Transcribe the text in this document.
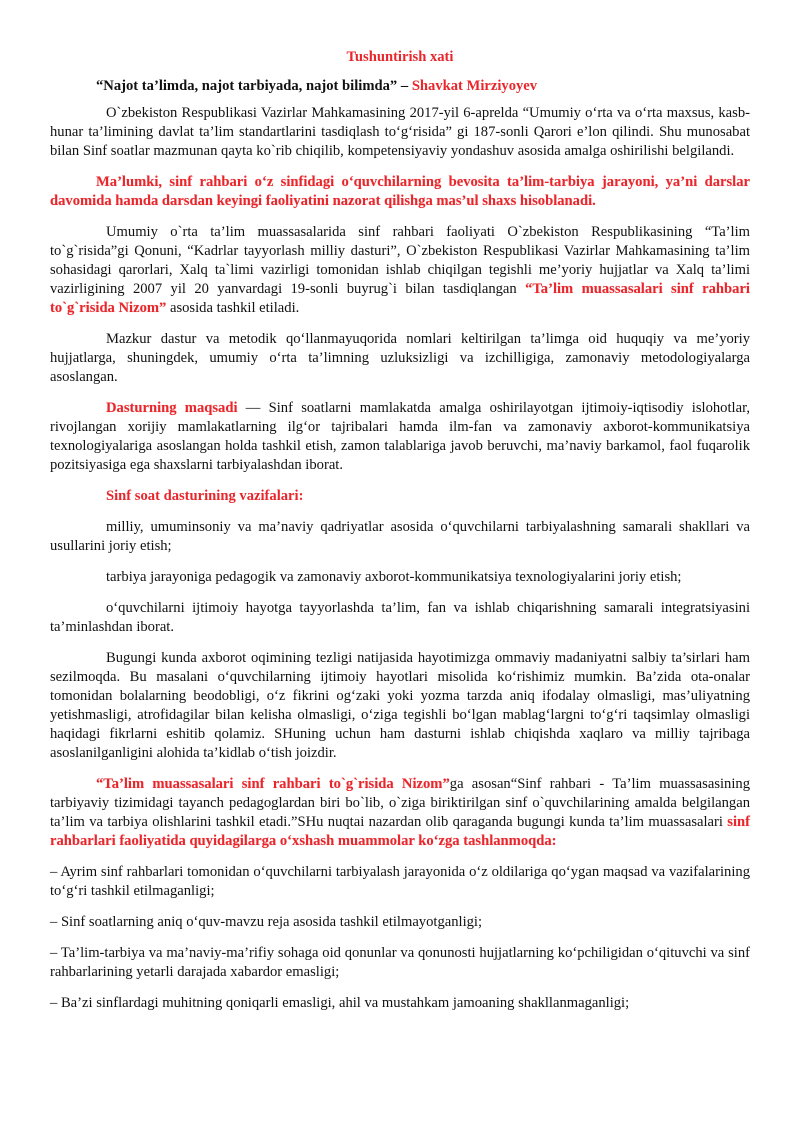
Tushuntirish xati
“Najot ta’limda, najot tarbiyada, najot bilimda” – Shavkat Mirziyoyev

O`zbekiston Respublikasi Vazirlar Mahkamasining 2017-yil 6-aprelda “Umumiy o‘rta va o‘rta maxsus, kasb-hunar ta’limining davlat ta’lim standartlarini tasdiqlash to‘g‘risida” gi 187-sonli Qarori e’lon qilindi. Shu munosabat bilan Sinf soatlar mazmunan qayta ko`rib chiqilib, kompetensiyaviy yondashuv asosida amalga oshirilishi belgilandi.

Ma’lumki, sinf rahbari o‘z sinfidagi o‘quvchilarning bevosita ta’lim-tarbiya jarayoni, ya’ni darslar davomida hamda darsdan keyingi faoliyatini nazorat qilishga mas’ul shaxs hisoblanadi.

Umumiy o`rta ta’lim muassasalarida sinf rahbari faoliyati O`zbekiston Respublikasining “Ta’lim to`g`risida”gi Qonuni, “Kadrlar tayyorlash milliy dasturi”, O`zbekiston Respublikasi Vazirlar Mahkamasining ta’lim sohasidagi qarorlari, Xalq ta`limi vazirligi tomonidan ishlab chiqilgan tegishli me’yoriy hujjatlar va Xalq ta’limi vazirligining 2007 yil 20 yanvardagi 19-sonli buyrug`i bilan tasdiqlangan “Ta’lim muassasalari sinf rahbari to`g`risida Nizom” asosida tashkil etiladi.

Mazkur dastur va metodik qo‘llanmayuqorida nomlari keltirilgan ta’limga oid huquqiy va me’yoriy hujjatlarga, shuningdek, umumiy o‘rta ta’limning uzluksizligi va izchilligiga, zamonaviy metodologiyalarga asoslangan.

Dasturning maqsadi — Sinf soatlarni mamlakatda amalga oshirilayotgan ijtimoiy-iqtisodiy islohotlar, rivojlangan xorijiy mamlakatlarning ilg‘or tajribalari hamda ilm-fan va zamonaviy axborot-kommunikatsiya texnologiyalariga asoslangan holda tashkil etish, zamon talablariga javob beruvchi, ma’naviy barkamol, faol fuqarolik pozitsiyasiga ega shaxslarni tarbiyalashdan iborat.

Sinf soat dasturining vazifalari:

milliy, umuminsoniy va ma’naviy qadriyatlar asosida o‘quvchilarni tarbiyalashning samarali shakllari va usullarini joriy etish;

tarbiya jarayoniga pedagogik va zamonaviy axborot-kommunikatsiya texnologiyalarini joriy etish;

o‘quvchilarni ijtimoiy hayotga tayyorlashda ta’lim, fan va ishlab chiqarishning samarali integratsiyasini ta’minlashdan iborat.

Bugungi kunda axborot oqimining tezligi natijasida hayotimizga ommaviy madaniyatni salbiy ta’sirlari ham sezilmoqda. Bu masalani o‘quvchilarning ijtimoiy hayotlari misolida ko‘rishimiz mumkin. Ba’zida ota-onalar tomonidan bolalarning beodobligi, o‘z fikrini og‘zaki yoki yozma tarzda aniq ifodalay olmasligi, mas’uliyatning yetishmasligi, atrofidagilar bilan kelisha olmasligi, o‘ziga tegishli bo‘lgan mablag‘largni to‘g‘ri taqsimlay olmasligi haqidagi fikrlarni eshitib qolamiz. SHuning uchun ham dasturni ishlab chiqishda xaqlaro va milliy tajribaga asoslanilganligini alohida ta’kidlab o‘tish joizdir.

“Ta’lim muassasalari sinf rahbari to`g`risida Nizom”ga asosan“Sinf rahbari - Ta’lim muassasasining tarbiyaviy tizimidagi tayanch pedagoglardan biri bo`lib, o`ziga biriktirilgan sinf o`quvchilarining amalda belgilangan ta’lim va tarbiya olishlarini tashkil etadi.”SHu nuqtai nazardan olib qaraganda bugungi kunda ta’lim muassasalari sinf rahbarlari faoliyatida quyidagilarga o‘xshash muammolar ko‘zga tashlanmoqda:

– Ayrim sinf rahbarlari tomonidan o‘quvchilarni tarbiyalash jarayonida o‘z oldilariga qo‘ygan maqsad va vazifalarining to‘g‘ri tashkil etilmaganligi;

– Sinf soatlarning aniq o‘quv-mavzu reja asosida tashkil etilmayotganligi;

– Ta’lim-tarbiya va ma’naviy-ma’rifiy sohaga oid qonunlar va qonunosti hujjatlarning ko‘pchiligidan o‘qituvchi va sinf rahbarlarining yetarli darajada xabardor emasligi;

– Ba’zi sinflardagi muhitning qoniqarli emasligi, ahil va mustahkam jamoaning shakllanmaganligi;
